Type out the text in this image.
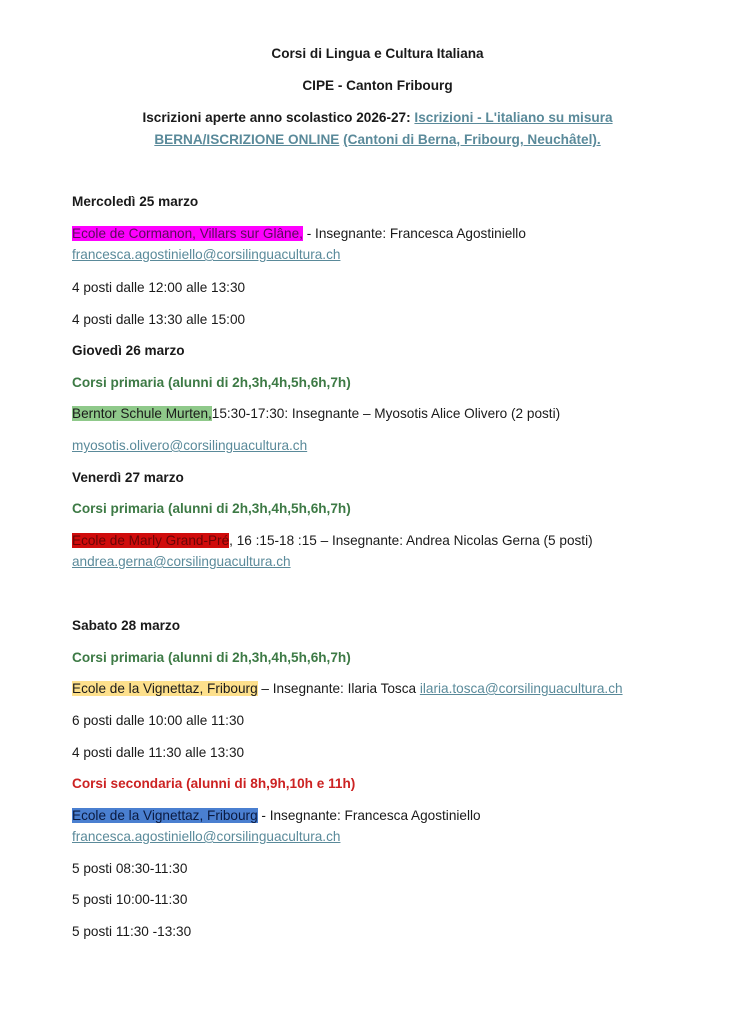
Corsi di Lingua e Cultura Italiana
CIPE - Canton Fribourg
Iscrizioni aperte anno scolastico 2026-27: Iscrizioni - L'italiano su misura
BERNA/ISCRIZIONE ONLINE (Cantoni di Berna, Fribourg, Neuchâtel).
Mercoledì 25 marzo
Ecole de Cormanon, Villars sur Glâne, - Insegnante: Francesca Agostiniello
francesca.agostiniello@corsilinguacultura.ch
4 posti dalle 12:00 alle 13:30
4 posti dalle 13:30 alle 15:00
Giovedì 26 marzo
Corsi primaria (alunni di 2h,3h,4h,5h,6h,7h)
Berntor Schule Murten,15:30-17:30: Insegnante – Myosotis Alice Olivero (2 posti)
myosotis.olivero@corsilinguacultura.ch
Venerdì 27 marzo
Corsi primaria (alunni di 2h,3h,4h,5h,6h,7h)
Ecole de Marly Grand-Pré, 16 :15-18 :15 – Insegnante: Andrea Nicolas Gerna (5 posti)
andrea.gerna@corsilinguacultura.ch
Sabato 28 marzo
Corsi primaria (alunni di 2h,3h,4h,5h,6h,7h)
Ecole de la Vignettaz, Fribourg – Insegnante: Ilaria Tosca ilaria.tosca@corsilinguacultura.ch
6 posti dalle 10:00 alle 11:30
4 posti dalle 11:30 alle 13:30
Corsi secondaria (alunni di 8h,9h,10h e 11h)
Ecole de la Vignettaz, Fribourg - Insegnante: Francesca Agostiniello
francesca.agostiniello@corsilinguacultura.ch
5 posti 08:30-11:30
5 posti 10:00-11:30
5 posti 11:30 -13:30
